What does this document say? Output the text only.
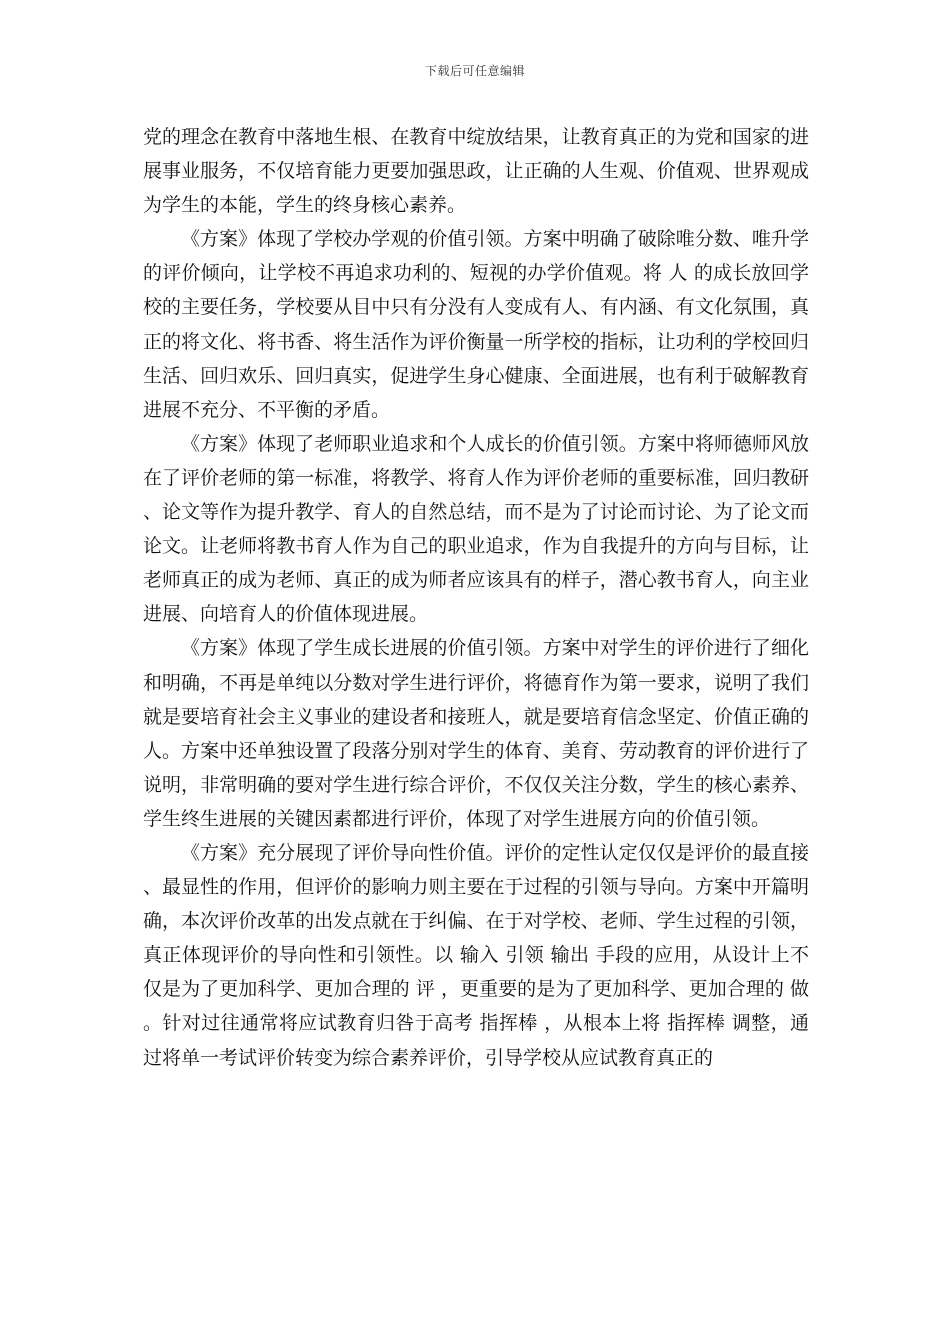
下载后可任意编辑

党的理念在教育中落地生根、在教育中绽放结果，让教育真正的为党和国家的进展事业服务，不仅培育能力更要加强思政，让正确的人生观、价值观、世界观成为学生的本能，学生的终身核心素养。

《方案》体现了学校办学观的价值引领。方案中明确了破除唯分数、唯升学的评价倾向，让学校不再追求功利的、短视的办学价值观。将 人 的成长放回学校的主要任务，学校要从目中只有分没有人变成有人、有内涵、有文化氛围，真正的将文化、将书香、将生活作为评价衡量一所学校的指标，让功利的学校回归生活、回归欢乐、回归真实，促进学生身心健康、全面进展，也有利于破解教育进展不充分、不平衡的矛盾。

《方案》体现了老师职业追求和个人成长的价值引领。方案中将师德师风放在了评价老师的第一标准，将教学、将育人作为评价老师的重要标准，回归教研、论文等作为提升教学、育人的自然总结，而不是为了讨论而讨论、为了论文而论文。让老师将教书育人作为自己的职业追求，作为自我提升的方向与目标，让老师真正的成为老师、真正的成为师者应该具有的样子，潜心教书育人，向主业进展、向培育人的价值体现进展。

《方案》体现了学生成长进展的价值引领。方案中对学生的评价进行了细化和明确，不再是单纯以分数对学生进行评价，将德育作为第一要求，说明了我们就是要培育社会主义事业的建设者和接班人，就是要培育信念坚定、价值正确的人。方案中还单独设置了段落分别对学生的体育、美育、劳动教育的评价进行了说明，非常明确的要对学生进行综合评价，不仅仅关注分数，学生的核心素养、学生终生进展的关键因素都进行评价，体现了对学生进展方向的价值引领。

《方案》充分展现了评价导向性价值。评价的定性认定仅仅是评价的最直接、最显性的作用，但评价的影响力则主要在于过程的引领与导向。方案中开篇明确，本次评价改革的出发点就在于纠偏、在于对学校、老师、学生过程的引领，真正体现评价的导向性和引领性。以 输入 引领 输出 手段的应用，从设计上不仅是为了更加科学、更加合理的 评 ，更重要的是为了更加科学、更加合理的 做 。针对过往通常将应试教育归咎于高考 指挥棒 ，从根本上将 指挥棒 调整，通过将单一考试评价转变为综合素养评价，引导学校从应试教育真正的
